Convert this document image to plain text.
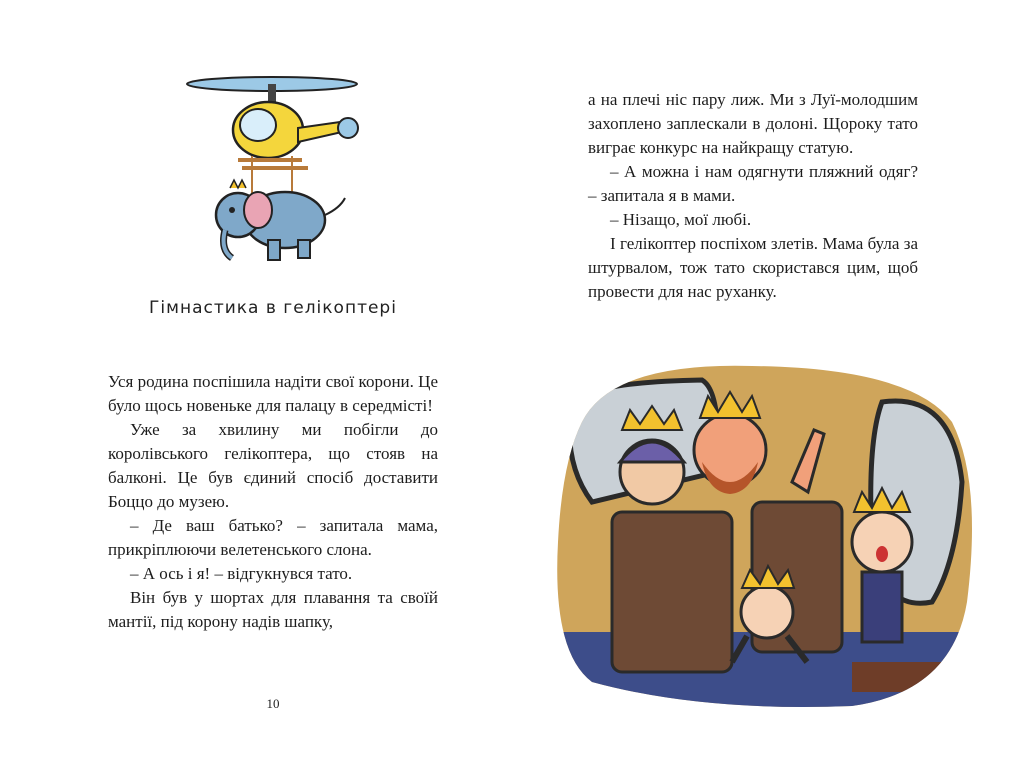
Гімнастика в гелікоптері

Уся родина поспішила надіти свої корони. Це було щось новеньке для палацу в середмісті!

Уже за хвилину ми побігли до королівського гелікоптера, що стояв на балконі. Це був єдиний спосіб доставити Боццо до музею.

– Де ваш батько? – запитала мама, прикріплюючи велетенського слона.

– А ось і я! – відгукнувся тато.

Він був у шортах для плавання та своїй мантії, під корону надів шапку,

10

а на плечі ніс пару лиж. Ми з Луї-молодшим захоплено заплескали в долоні. Щороку тато виграє конкурс на найкращу статую.

– А можна і нам одягнути пляжний одяг? – запитала я в мами.

– Нізащо, мої любі.

І гелікоптер поспіхом злетів. Мама була за штурвалом, тож тато скористався цим, щоб провести для нас руханку.
